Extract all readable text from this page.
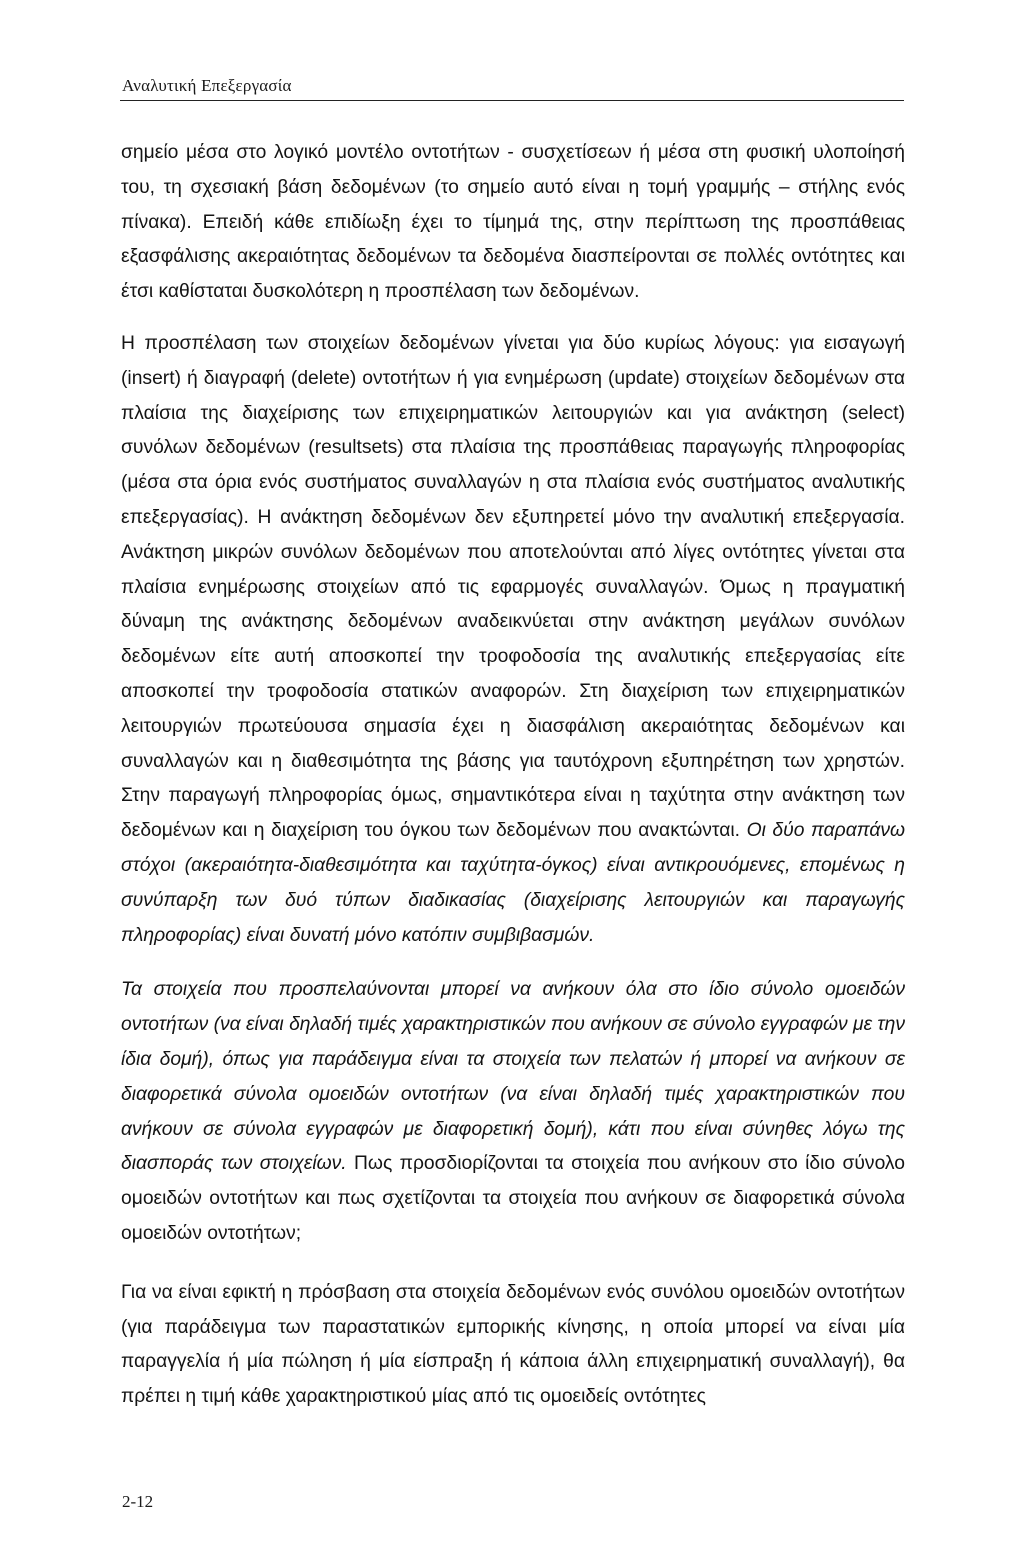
Αναλυτική Επεξεργασία

σημείο μέσα στο λογικό μοντέλο οντοτήτων - συσχετίσεων ή μέσα στη φυσική υλοποίησή του, τη σχεσιακή βάση δεδομένων (το σημείο αυτό είναι η τομή γραμμής – στήλης ενός πίνακα). Επειδή κάθε επιδίωξη έχει το τίμημά της, στην περίπτωση της προσπάθειας εξασφάλισης ακεραιότητας δεδομένων τα δεδομένα διασπείρονται σε πολλές οντότητες και έτσι καθίσταται δυσκολότερη η προσπέλαση των δεδομένων.

Η προσπέλαση των στοιχείων δεδομένων γίνεται για δύο κυρίως λόγους: για εισαγωγή (insert) ή διαγραφή (delete) οντοτήτων ή για ενημέρωση (update) στοιχείων δεδομένων στα πλαίσια της διαχείρισης των επιχειρηματικών λειτουργιών και για ανάκτηση (select) συνόλων δεδομένων (resultsets) στα πλαίσια της προσπάθειας παραγωγής πληροφορίας (μέσα στα όρια ενός συστήματος συναλλαγών η στα πλαίσια ενός συστήματος αναλυτικής επεξεργασίας). Η ανάκτηση δεδομένων δεν εξυπηρετεί μόνο την αναλυτική επεξεργασία. Ανάκτηση μικρών συνόλων δεδομένων που αποτελούνται από λίγες οντότητες γίνεται στα πλαίσια ενημέρωσης στοιχείων από τις εφαρμογές συναλλαγών. Όμως η πραγματική δύναμη της ανάκτησης δεδομένων αναδεικνύεται στην ανάκτηση μεγάλων συνόλων δεδομένων είτε αυτή αποσκοπεί την τροφοδοσία της αναλυτικής επεξεργασίας είτε αποσκοπεί την τροφοδοσία στατικών αναφορών. Στη διαχείριση των επιχειρηματικών λειτουργιών πρωτεύουσα σημασία έχει η διασφάλιση ακεραιότητας δεδομένων και συναλλαγών και η διαθεσιμότητα της βάσης για ταυτόχρονη εξυπηρέτηση των χρηστών. Στην παραγωγή πληροφορίας όμως, σημαντικότερα είναι η ταχύτητα στην ανάκτηση των δεδομένων και η διαχείριση του όγκου των δεδομένων που ανακτώνται. Οι δύο παραπάνω στόχοι (ακεραιότητα-διαθεσιμότητα και ταχύτητα-όγκος) είναι αντικρουόμενες, επομένως η συνύπαρξη των δυό τύπων διαδικασίας (διαχείρισης λειτουργιών και παραγωγής πληροφορίας) είναι δυνατή μόνο κατόπιν συμβιβασμών.

Τα στοιχεία που προσπελαύνονται μπορεί να ανήκουν όλα στο ίδιο σύνολο ομοειδών οντοτήτων (να είναι δηλαδή τιμές χαρακτηριστικών που ανήκουν σε σύνολο εγγραφών με την ίδια δομή), όπως για παράδειγμα είναι τα στοιχεία των πελατών ή μπορεί να ανήκουν σε διαφορετικά σύνολα ομοειδών οντοτήτων (να είναι δηλαδή τιμές χαρακτηριστικών που ανήκουν σε σύνολα εγγραφών με διαφορετική δομή), κάτι που είναι σύνηθες λόγω της διασποράς των στοιχείων. Πως προσδιορίζονται τα στοιχεία που ανήκουν στο ίδιο σύνολο ομοειδών οντοτήτων και πως σχετίζονται τα στοιχεία που ανήκουν σε διαφορετικά σύνολα ομοειδών οντοτήτων;

Για να είναι εφικτή η πρόσβαση στα στοιχεία δεδομένων ενός συνόλου ομοειδών οντοτήτων (για παράδειγμα των παραστατικών εμπορικής κίνησης, η οποία μπορεί να είναι μία παραγγελία ή μία πώληση ή μία είσπραξη ή κάποια άλλη επιχειρηματική συναλλαγή), θα πρέπει η τιμή κάθε χαρακτηριστικού μίας από τις ομοειδείς οντότητες

2-12
